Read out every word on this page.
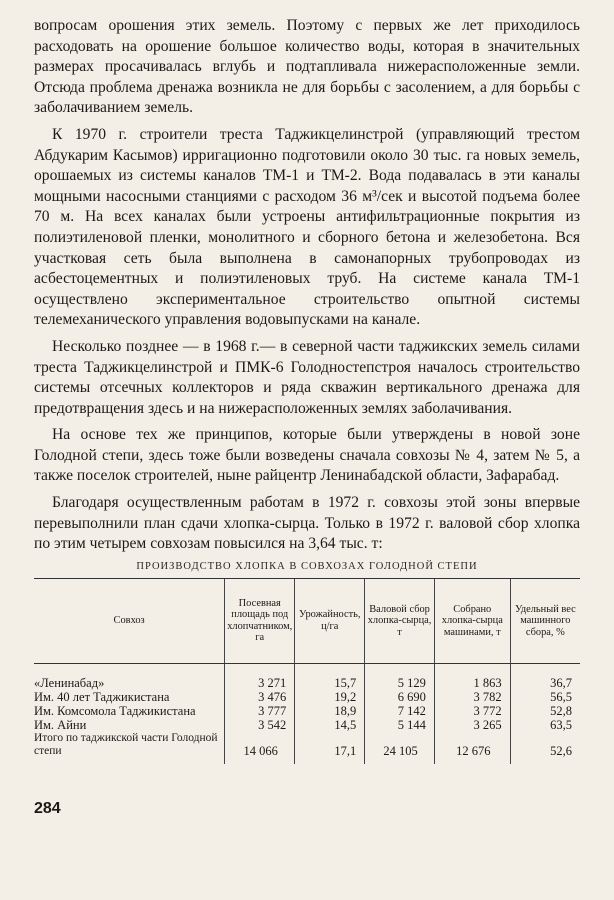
вопросам орошения этих земель. Поэтому с первых же лет приходилось расходовать на орошение большое количество воды, которая в значительных размерах просачивалась вглубь и подтапливала нижерасположенные земли. Отсюда проблема дренажа возникла не для борьбы с засолением, а для борьбы с заболачиванием земель.

К 1970 г. строители треста Таджикцелинстрой (управляющий трестом Абдукарим Касымов) ирригационно подготовили около 30 тыс. га новых земель, орошаемых из системы каналов ТМ-1 и ТМ-2. Вода подавалась в эти каналы мощными насосными станциями с расходом 36 м³/сек и высотой подъема более 70 м. На всех каналах были устроены антифильтрационные покрытия из полиэтиленовой пленки, монолитного и сборного бетона и железобетона. Вся участковая сеть была выполнена в самонапорных трубопроводах из асбестоцементных и полиэтиленовых труб. На системе канала ТМ-1 осуществлено экспериментальное строительство опытной системы телемеханического управления водовыпусками на канале.

Несколько позднее — в 1968 г.— в северной части таджикских земель силами треста Таджикцелинстрой и ПМК-6 Голодностепстроя началось строительство системы отсечных коллекторов и ряда скважин вертикального дренажа для предотвращения здесь и на нижерасположенных землях заболачивания.

На основе тех же принципов, которые были утверждены в новой зоне Голодной степи, здесь тоже были возведены сначала совхозы № 4, затем № 5, а также поселок строителей, ныне райцентр Ленинабадской области, Зафарабад.

Благодаря осуществленным работам в 1972 г. совхозы этой зоны впервые перевыполнили план сдачи хлопка-сырца. Только в 1972 г. валовой сбор хлопка по этим четырем совхозам повысился на 3,64 тыс. т:

ПРОИЗВОДСТВО ХЛОПКА В СОВХОЗАХ ГОЛОДНОЙ СТЕПИ
Совхоз	Посевная площадь под хлопчатником, га	Урожайность, ц/га	Валовой сбор хлопка-сырца, т	Собрано хлопка-сырца машинами, т	Удельный вес машинного сбора, %
«Ленинабад»	3 271	15,7	5 129	1 863	36,7
Им. 40 лет Таджикистана	3 476	19,2	6 690	3 782	56,5
Им. Комсомола Таджикистана	3 777	18,9	7 142	3 772	52,8
Им. Айни	3 542	14,5	5 144	3 265	63,5
Итого по таджикской части Голодной степи	14 066	17,1	24 105	12 676	52,6
284
